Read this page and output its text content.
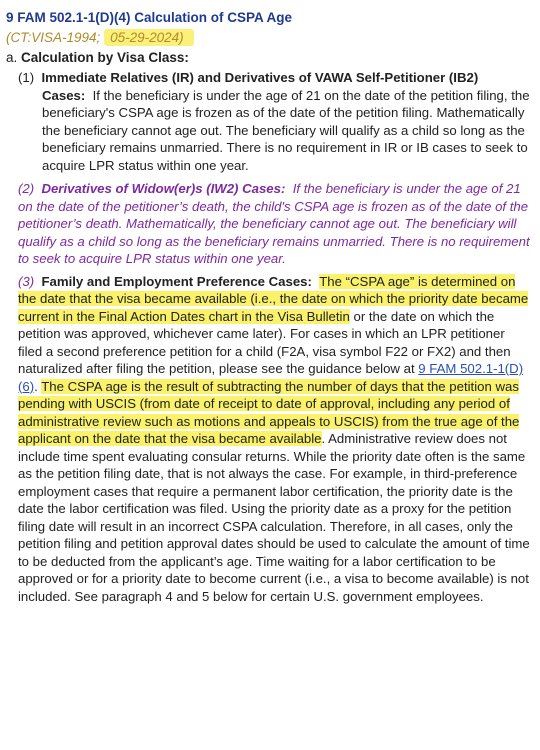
9 FAM 502.1-1(D)(4) Calculation of CSPA Age
(CT:VISA-1994; 05-29-2024)
a. Calculation by Visa Class:

(1) Immediate Relatives (IR) and Derivatives of VAWA Self-Petitioner (IB2) Cases: If the beneficiary is under the age of 21 on the date of the petition filing, the beneficiary's CSPA age is frozen as of the date of the petition filing. Mathematically the beneficiary cannot age out. The beneficiary will qualify as a child so long as the beneficiary remains unmarried. There is no requirement in IR or IB cases to seek to acquire LPR status within one year.

(2) Derivatives of Widow(er)s (IW2) Cases: If the beneficiary is under the age of 21 on the date of the petitioner’s death, the child's CSPA age is frozen as of the date of the petitioner’s death. Mathematically, the beneficiary cannot age out. The beneficiary will qualify as a child so long as the beneficiary remains unmarried. There is no requirement to seek to acquire LPR status within one year.

(3) Family and Employment Preference Cases: The “CSPA age” is determined on the date that the visa became available (i.e., the date on which the priority date became current in the Final Action Dates chart in the Visa Bulletin or the date on which the petition was approved, whichever came later). For cases in which an LPR petitioner filed a second preference petition for a child (F2A, visa symbol F22 or FX2) and then naturalized after filing the petition, please see the guidance below at 9 FAM 502.1-1(D)(6). The CSPA age is the result of subtracting the number of days that the petition was pending with USCIS (from date of receipt to date of approval, including any period of administrative review such as motions and appeals to USCIS) from the true age of the applicant on the date that the visa became available. Administrative review does not include time spent evaluating consular returns. While the priority date often is the same as the petition filing date, that is not always the case. For example, in third-preference employment cases that require a permanent labor certification, the priority date is the date the labor certification was filed. Using the priority date as a proxy for the petition filing date will result in an incorrect CSPA calculation. Therefore, in all cases, only the petition filing and petition approval dates should be used to calculate the amount of time to be deducted from the applicant’s age. Time waiting for a labor certification to be approved or for a priority date to become current (i.e., a visa to become available) is not included. See paragraph 4 and 5 below for certain U.S. government employees.
